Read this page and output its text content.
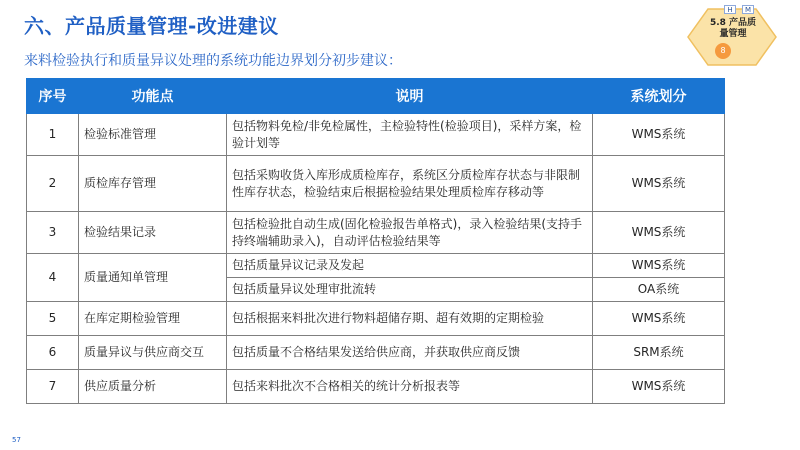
六、产品质量管理-改进建议
来料检验执行和质量异议处理的系统功能边界划分初步建议：
H	M
5.8 产品质量管理
8
序号	功能点	说明	系统划分
1	检验标准管理	包括物料免检/非免检属性，主检验特性(检验项目)，采样方案，检验计划等	WMS系统
2	质检库存管理	包括采购收货入库形成质检库存，系统区分质检库存状态与非限制性库存状态，检验结束后根据检验结果处理质检库存移动等	WMS系统
3	检验结果记录	包括检验批自动生成(固化检验报告单格式)，录入检验结果(支持手持终端辅助录入)，自动评估检验结果等	WMS系统
4	质量通知单管理	包括质量异议记录及发起	WMS系统
		包括质量异议处理审批流转	OA系统
5	在库定期检验管理	包括根据来料批次进行物料超储存期、超有效期的定期检验	WMS系统
6	质量异议与供应商交互	包括质量不合格结果发送给供应商，并获取供应商反馈	SRM系统
7	供应质量分析	包括来料批次不合格相关的统计分析报表等	WMS系统
57
